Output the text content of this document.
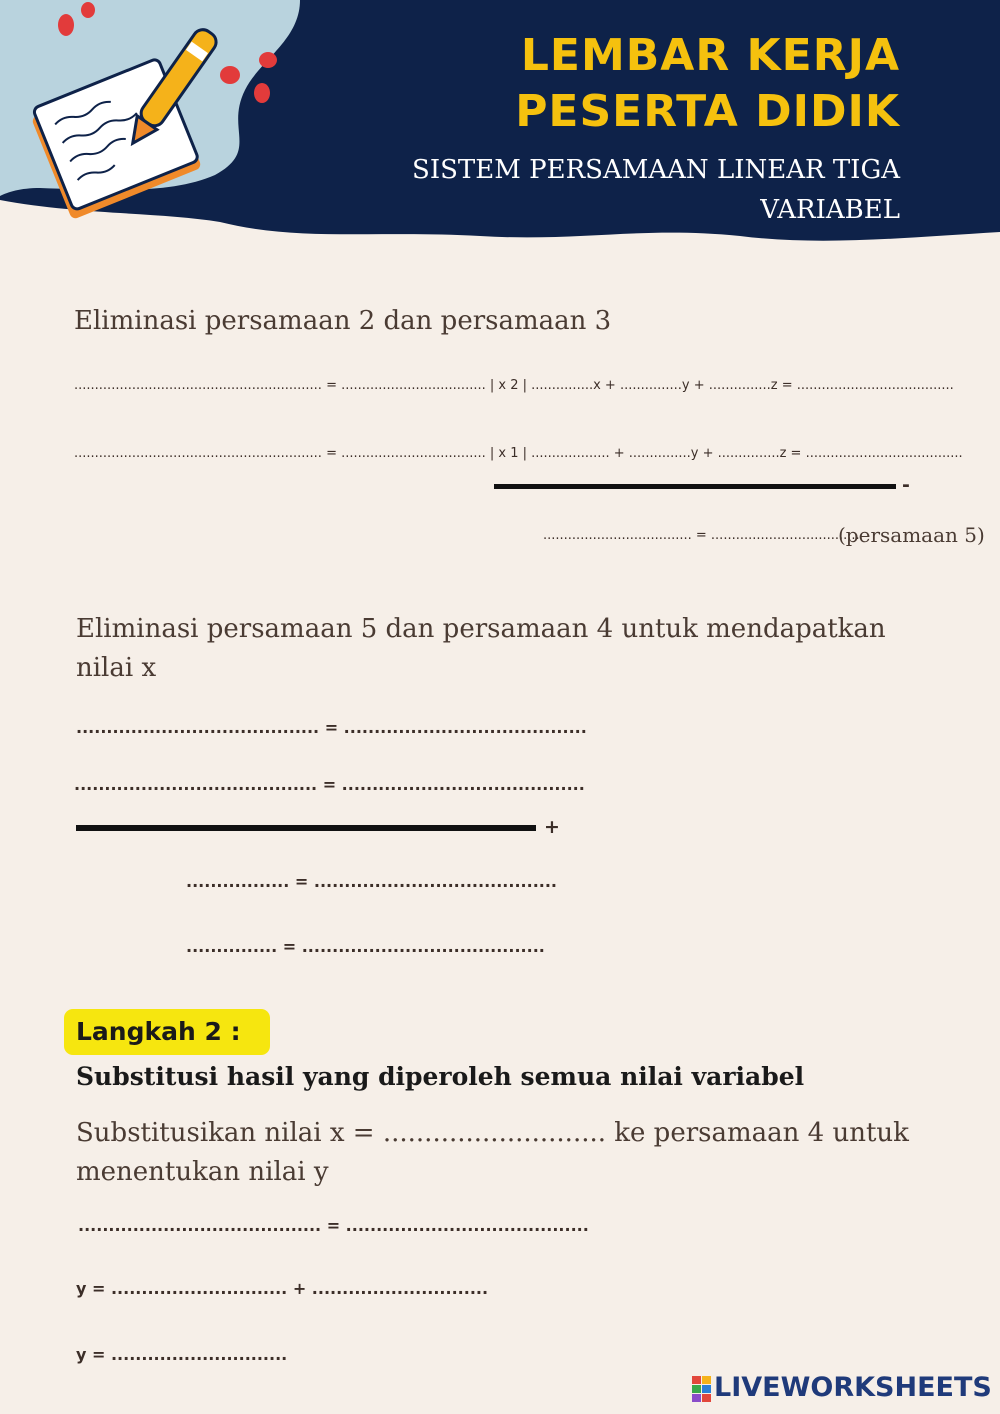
LEMBAR KERJA
PESERTA DIDIK
SISTEM PERSAMAAN LINEAR TIGA
VARIABEL
Eliminasi persamaan 2 dan persamaan 3
............................................................ = ................................... | x 2 | ...............x + ...............y + ...............z = ......................................
............................................................ = ................................... | x 1 | ................... + ...............y + ...............z = ......................................
-
.................................... = ....................................
(persamaan 5)
Eliminasi persamaan 5 dan persamaan 4 untuk mendapatkan
nilai x
........................................ = ........................................
........................................ = ........................................
+
................. = ........................................
............... = ........................................
Langkah 2 :
Substitusi hasil yang diperoleh semua nilai variabel
Substitusikan nilai x = ........................... ke persamaan 4 untuk
menentukan nilai y
........................................ = ........................................
y = ............................. + .............................
y = .............................
LIVEWORKSHEETS
